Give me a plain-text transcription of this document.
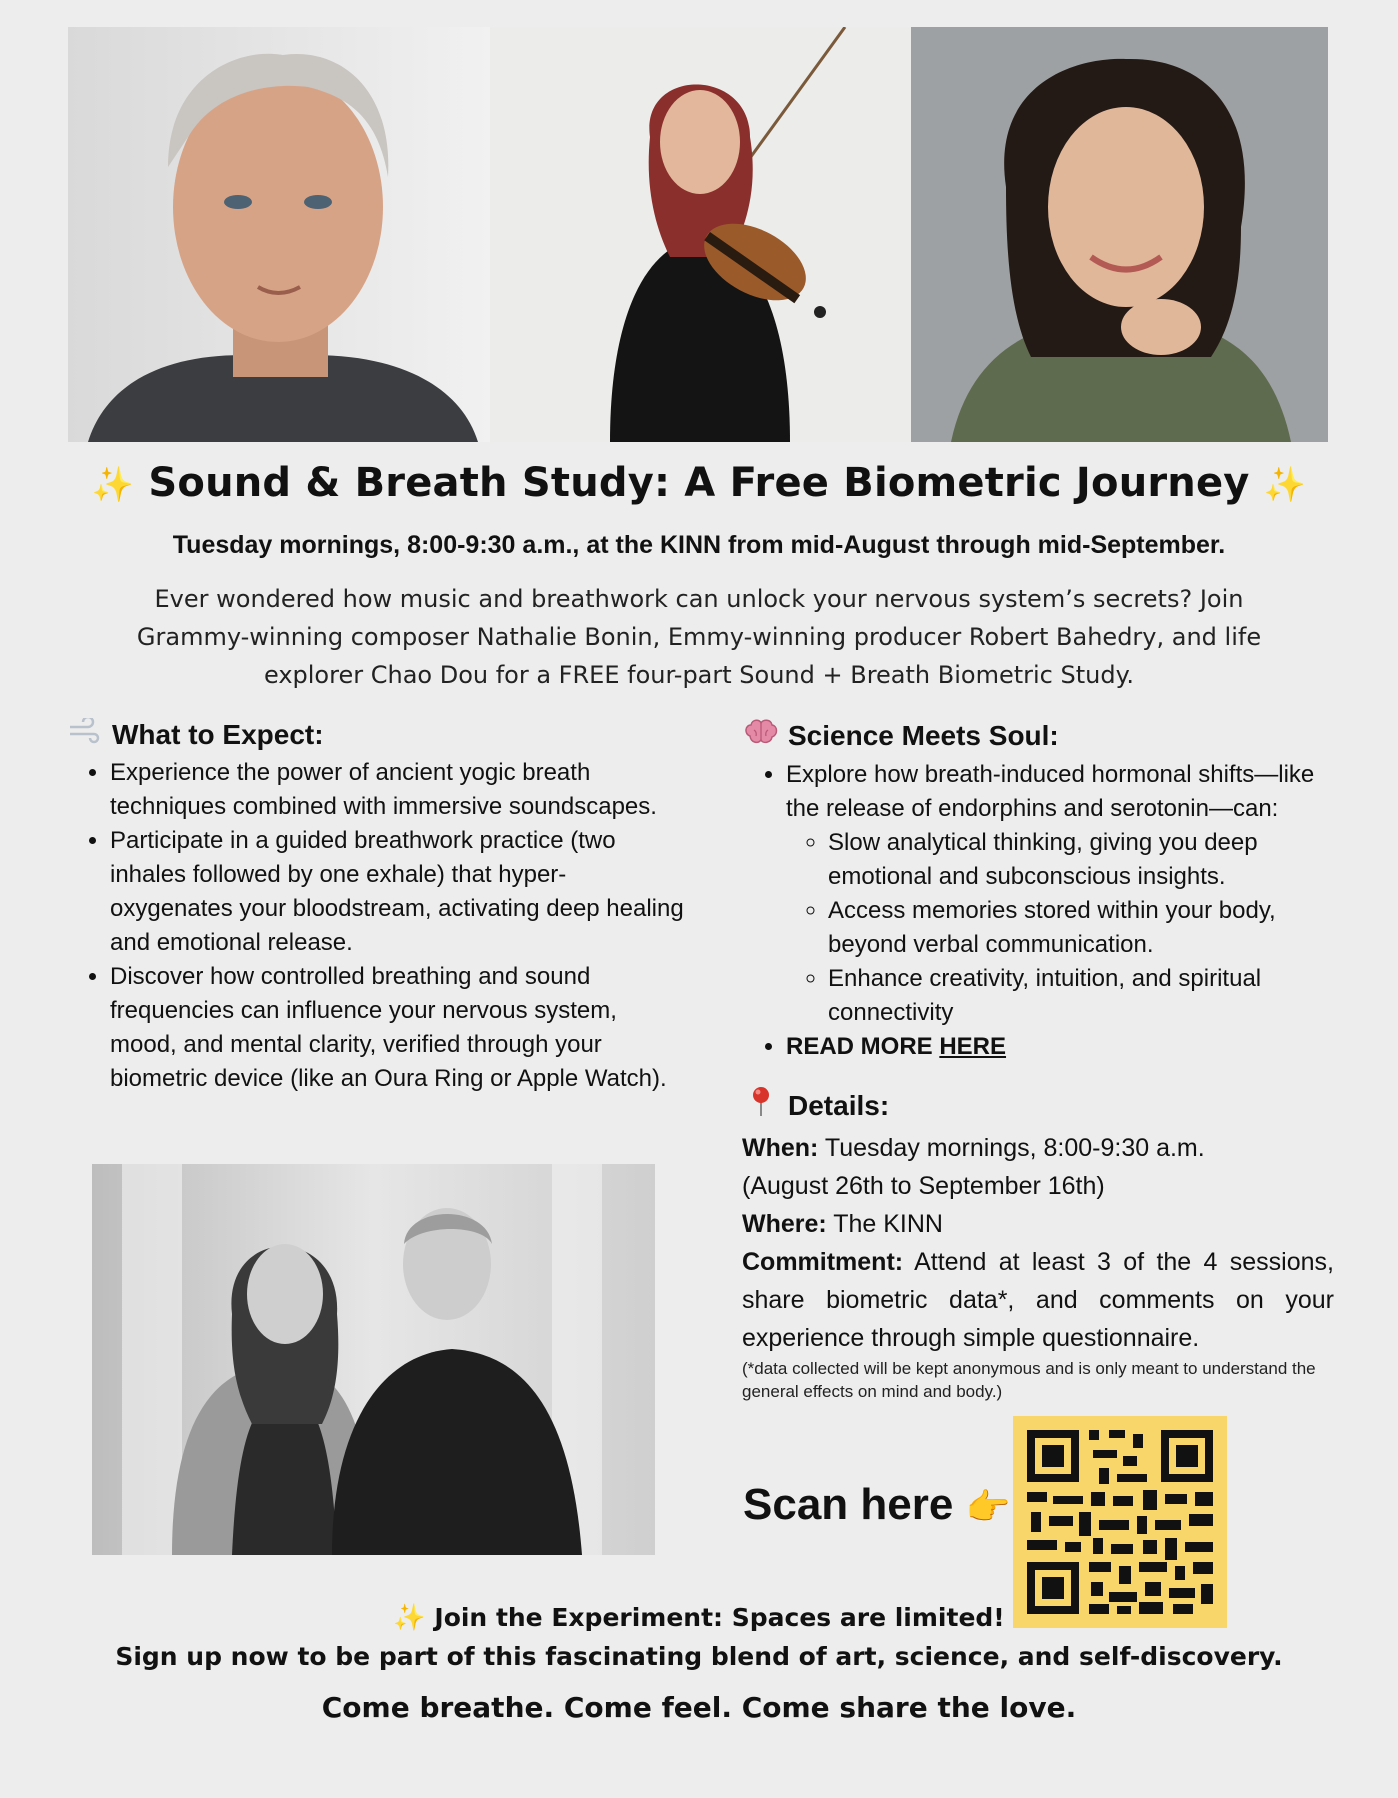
✨ Sound & Breath Study: A Free Biometric Journey ✨
Tuesday mornings, 8:00-9:30 a.m., at the KINN from mid-August through mid-September.
Ever wondered how music and breathwork can unlock your nervous system’s secrets? Join Grammy-winning composer Nathalie Bonin, Emmy-winning producer Robert Bahedry, and life explorer Chao Dou for a FREE four-part Sound + Breath Biometric Study.
What to Expect:
• Experience the power of ancient yogic breath techniques combined with immersive soundscapes.
• Participate in a guided breathwork practice (two inhales followed by one exhale) that hyper-oxygenates your bloodstream, activating deep healing and emotional release.
• Discover how controlled breathing and sound frequencies can influence your nervous system, mood, and mental clarity, verified through your biometric device (like an Oura Ring or Apple Watch).
Science Meets Soul:
• Explore how breath-induced hormonal shifts—like the release of endorphins and serotonin—can:
◦ Slow analytical thinking, giving you deep emotional and subconscious insights.
◦ Access memories stored within your body, beyond verbal communication.
◦ Enhance creativity, intuition, and spiritual connectivity
• READ MORE HERE
Details:

When: Tuesday mornings, 8:00-9:30 a.m.

(August 26th to September 16th)

Where: The KINN

Commitment: Attend at least 3 of the 4 sessions, share biometric data*, and comments on your experience through simple questionnaire.

(*data collected will be kept anonymous and is only meant to understand the general effects on mind and body.)

Scan here 👉
✨ Join the Experiment: Spaces are limited!
Sign up now to be part of this fascinating blend of art, science, and self-discovery.
Come breathe. Come feel. Come share the love.
